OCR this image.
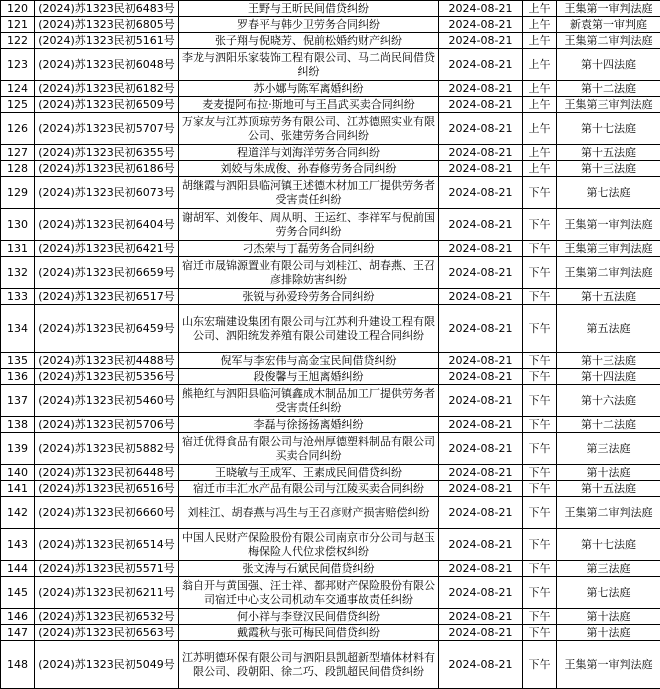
120	(2024)苏1323民初6483号	王野与王昕民间借贷纠纷	2024-08-21	上午	王集第一审判法庭
121	(2024)苏1323民初6805号	罗春平与韩少卫劳务合同纠纷	2024-08-21	上午	新袁第一审判庭
122	(2024)苏1323民初5161号	张子翔与倪晓芳、倪前松婚约财产纠纷	2024-08-21	上午	王集第二审判法庭
123	(2024)苏1323民初6048号	李龙与泗阳乐家装饰工程有限公司、马二尚民间借贷纠纷	2024-08-21	上午	第十四法庭
124	(2024)苏1323民初6182号	苏小娜与陈军离婚纠纷	2024-08-21	上午	第十二法庭
125	(2024)苏1323民初6509号	麦麦提阿布拉·斯地可与王昌武买卖合同纠纷	2024-08-21	上午	王集第三审判法庭
126	(2024)苏1323民初5707号	万家友与江苏顶琼劳务有限公司、江苏德照实业有限公司、张建劳务合同纠纷	2024-08-21	上午	第十七法庭
127	(2024)苏1323民初6355号	程道洋与刘海洋劳务合同纠纷	2024-08-21	上午	第十五法庭
128	(2024)苏1323民初6186号	刘姣与朱成俊、孙春修劳务合同纠纷	2024-08-21	上午	第十三法庭
129	(2024)苏1323民初6073号	胡继霞与泗阳县临河镇王述德木材加工厂提供劳务者受害责任纠纷	2024-08-21	下午	第七法庭
130	(2024)苏1323民初6404号	谢胡军、刘俊年、周从明、王运红、李祥军与倪前国劳务合同纠纷	2024-08-21	下午	王集第一审判法庭
131	(2024)苏1323民初6421号	刁杰荣与丁磊劳务合同纠纷	2024-08-21	下午	王集第三审判法庭
132	(2024)苏1323民初6659号	宿迁市晟锦源置业有限公司与刘桂江、胡春燕、王召彦排除妨害纠纷	2024-08-21	下午	王集第二审判法庭
133	(2024)苏1323民初6517号	张锐与孙爱玲劳务合同纠纷	2024-08-21	下午	第十五法庭
134	(2024)苏1323民初6459号	山东宏瑞建设集团有限公司与江苏利升建设工程有限公司、泗阳统发养殖有限公司建设工程合同纠纷	2024-08-21	下午	第五法庭
135	(2024)苏1323民初4488号	倪军与李宏伟与高金宝民间借贷纠纷	2024-08-21	下午	第十三法庭
136	(2024)苏1323民初5356号	段俊馨与王旭离婚纠纷	2024-08-21	下午	第十四法庭
137	(2024)苏1323民初5460号	熊艳红与泗阳县临河镇鑫成木制品加工厂提供劳务者受害责任纠纷	2024-08-21	下午	第十六法庭
138	(2024)苏1323民初5706号	李磊与徐扬扬离婚纠纷	2024-08-21	下午	第十二法庭
139	(2024)苏1323民初5882号	宿迁优得食品有限公司与沧州厚德塑料制品有限公司买卖合同纠纷	2024-08-21	下午	第三法庭
140	(2024)苏1323民初6448号	王晓敏与王成军、王素成民间借贷纠纷	2024-08-21	下午	第十法庭
141	(2024)苏1323民初6516号	宿迁市丰汇水产品有限公司与江陵买卖合同纠纷	2024-08-21	下午	第十五法庭
142	(2024)苏1323民初6660号	刘桂江、胡春燕与冯生与王召彦财产损害赔偿纠纷	2024-08-21	下午	王集第二审判法庭
143	(2024)苏1323民初6514号	中国人民财产保险股份有限公司南京市分公司与赵玉梅保险人代位求偿权纠纷	2024-08-21	下午	第十七法庭
144	(2024)苏1323民初5571号	张文涛与石斌民间借贷纠纷	2024-08-21	下午	第三法庭
145	(2024)苏1323民初6211号	翁自开与黄国强、汪士祥、都邦财产保险股份有限公司宿迁中心支公司机动车交通事故责任纠纷	2024-08-21	下午	第七法庭
146	(2024)苏1323民初6532号	何小祥与李登汉民间借贷纠纷	2024-08-21	下午	第十法庭
147	(2024)苏1323民初6563号	戴霞秋与张可梅民间借贷纠纷	2024-08-21	下午	第十法庭
148	(2024)苏1323民初5049号	江苏明德环保有限公司与泗阳县凯超新型墙体材料有限公司、段朝阳、徐二巧、段凯超民间借贷纠纷	2024-08-21	下午	王集第一审判法庭
